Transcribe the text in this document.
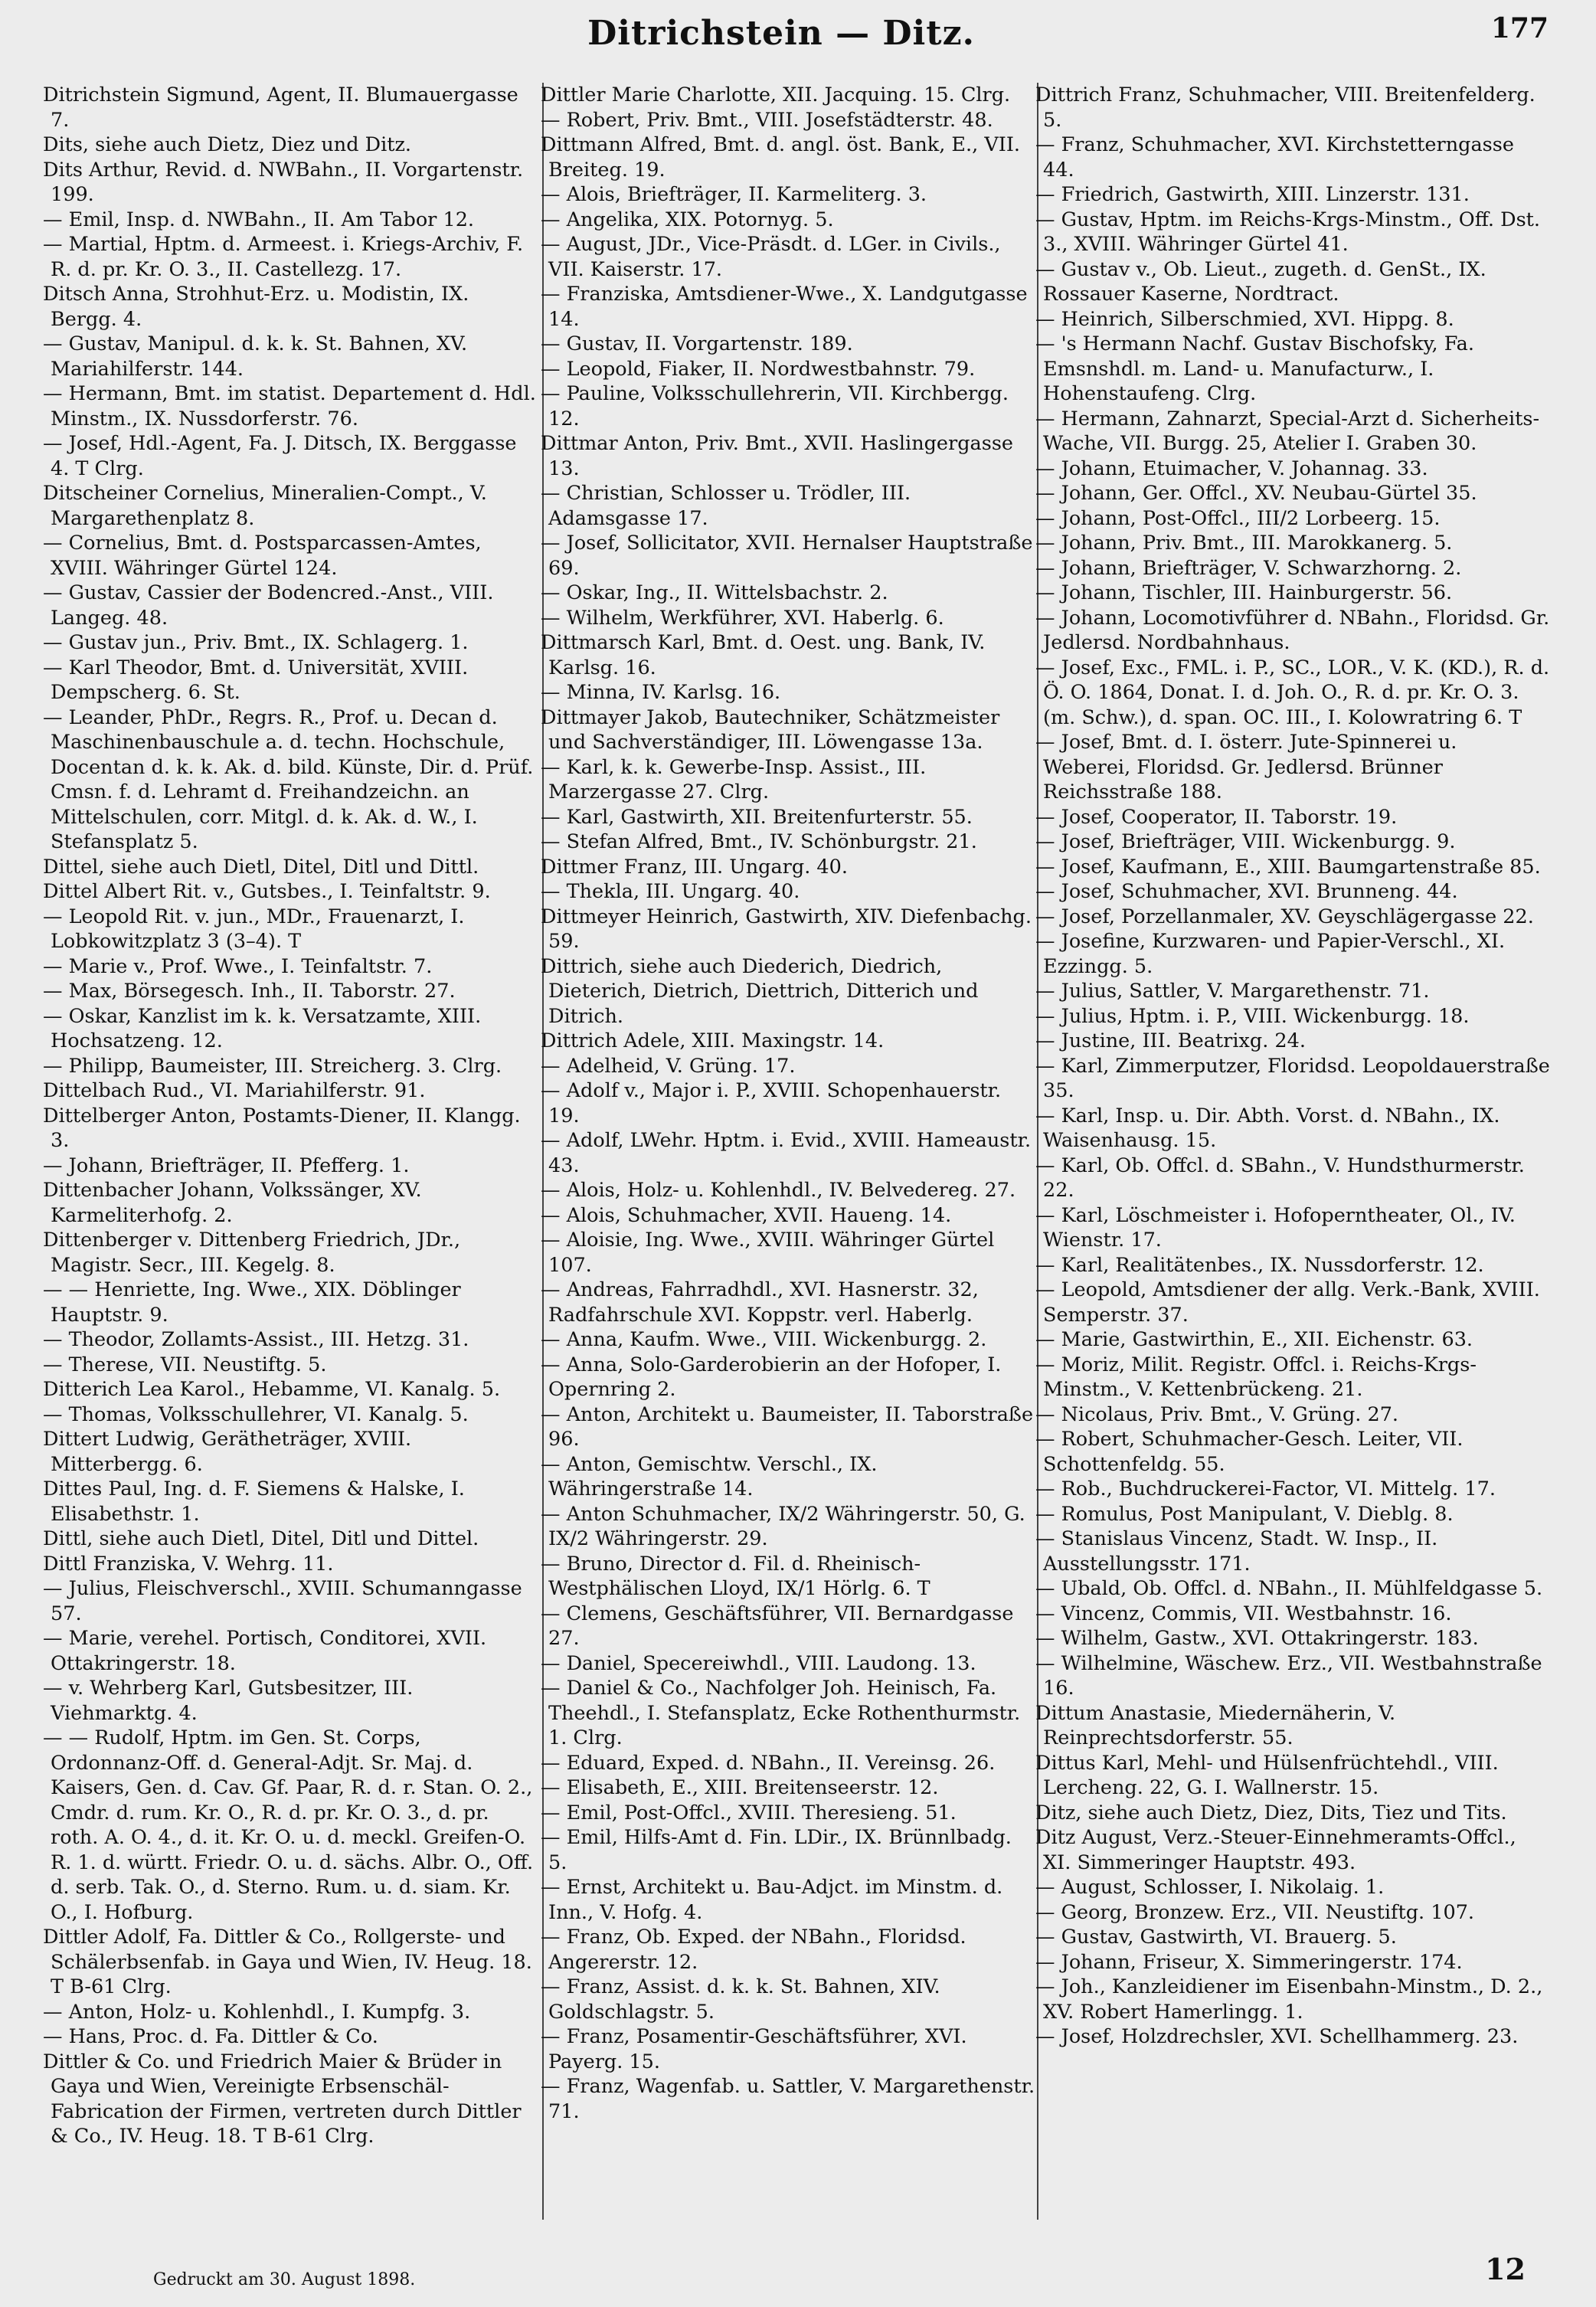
Ditrichstein — Ditz.	177

Ditrichstein Sigmund, Agent, II. Blumauergasse 7.

Dits, siehe auch Dietz, Diez und Ditz.

Dits Arthur, Revid. d. NWBahn., II. Vorgartenstr. 199.

— Emil, Insp. d. NWBahn., II. Am Tabor 12.

— Martial, Hptm. d. Armeest. i. Kriegs-Archiv, F. R. d. pr. Kr. O. 3., II. Castellezg. 17.

Ditsch Anna, Strohhut-Erz. u. Modistin, IX. Bergg. 4.

— Gustav, Manipul. d. k. k. St. Bahnen, XV. Mariahilferstr. 144.

— Hermann, Bmt. im statist. Departement d. Hdl. Minstm., IX. Nussdorferstr. 76.

— Josef, Hdl.-Agent, Fa. J. Ditsch, IX. Berggasse 4. T Clrg.

Ditscheiner Cornelius, Mineralien-Compt., V. Margarethenplatz 8.

— Cornelius, Bmt. d. Postsparcassen-Amtes, XVIII. Währinger Gürtel 124.

— Gustav, Cassier der Bodencred.-Anst., VIII. Langeg. 48.

— Gustav jun., Priv. Bmt., IX. Schlagerg. 1.

— Karl Theodor, Bmt. d. Universität, XVIII. Dempscherg. 6. St.

— Leander, PhDr., Regrs. R., Prof. u. Decan d. Maschinenbauschule a. d. techn. Hochschule, Docentan d. k. k. Ak. d. bild. Künste, Dir. d. Prüf. Cmsn. f. d. Lehramt d. Freihandzeichn. an Mittelschulen, corr. Mitgl. d. k. Ak. d. W., I. Stefansplatz 5.

Dittel, siehe auch Dietl, Ditel, Ditl und Dittl.

Dittel Albert Rit. v., Gutsbes., I. Teinfaltstr. 9.

— Leopold Rit. v. jun., MDr., Frauenarzt, I. Lobkowitzplatz 3 (3–4). T

— Marie v., Prof. Wwe., I. Teinfaltstr. 7.

— Max, Börsegesch. Inh., II. Taborstr. 27.

— Oskar, Kanzlist im k. k. Versatzamte, XIII. Hochsatzeng. 12.

— Philipp, Baumeister, III. Streicherg. 3. Clrg.

Dittelbach Rud., VI. Mariahilferstr. 91.

Dittelberger Anton, Postamts-Diener, II. Klangg. 3.

— Johann, Briefträger, II. Pfefferg. 1.

Dittenbacher Johann, Volkssänger, XV. Karmeliterhofg. 2.

Dittenberger v. Dittenberg Friedrich, JDr., Magistr. Secr., III. Kegelg. 8.

— — Henriette, Ing. Wwe., XIX. Döblinger Hauptstr. 9.

— Theodor, Zollamts-Assist., III. Hetzg. 31.

— Therese, VII. Neustiftg. 5.

Ditterich Lea Karol., Hebamme, VI. Kanalg. 5.

— Thomas, Volksschullehrer, VI. Kanalg. 5.

Dittert Ludwig, Gerätheträger, XVIII. Mitterbergg. 6.

Dittes Paul, Ing. d. F. Siemens & Halske, I. Elisabethstr. 1.

Dittl, siehe auch Dietl, Ditel, Ditl und Dittel.

Dittl Franziska, V. Wehrg. 11.

— Julius, Fleischverschl., XVIII. Schumanngasse 57.

— Marie, verehel. Portisch, Conditorei, XVII. Ottakringerstr. 18.

— v. Wehrberg Karl, Gutsbesitzer, III. Viehmarktg. 4.

— — Rudolf, Hptm. im Gen. St. Corps, Ordonnanz-Off. d. General-Adjt. Sr. Maj. d. Kaisers, Gen. d. Cav. Gf. Paar, R. d. r. Stan. O. 2., Cmdr. d. rum. Kr. O., R. d. pr. Kr. O. 3., d. pr. roth. A. O. 4., d. it. Kr. O. u. d. meckl. Greifen-O. R. 1. d. württ. Friedr. O. u. d. sächs. Albr. O., Off. d. serb. Tak. O., d. Sterno. Rum. u. d. siam. Kr. O., I. Hofburg.

Dittler Adolf, Fa. Dittler & Co., Rollgerste- und Schälerbsenfab. in Gaya und Wien, IV. Heug. 18. T B-61 Clrg.

— Anton, Holz- u. Kohlenhdl., I. Kumpfg. 3.

— Hans, Proc. d. Fa. Dittler & Co.

Dittler & Co. und Friedrich Maier & Brüder in Gaya und Wien, Vereinigte Erbsenschäl-Fabrication der Firmen, vertreten durch Dittler & Co., IV. Heug. 18. T B-61 Clrg.

Dittler Marie Charlotte, XII. Jacquing. 15. Clrg.

— Robert, Priv. Bmt., VIII. Josefstädterstr. 48.

Dittmann Alfred, Bmt. d. angl. öst. Bank, E., VII. Breiteg. 19.

— Alois, Briefträger, II. Karmeliterg. 3.

— Angelika, XIX. Potornyg. 5.

— August, JDr., Vice-Präsdt. d. LGer. in Civils., VII. Kaiserstr. 17.

— Franziska, Amtsdiener-Wwe., X. Landgutgasse 14.

— Gustav, II. Vorgartenstr. 189.

— Leopold, Fiaker, II. Nordwestbahnstr. 79.

— Pauline, Volksschullehrerin, VII. Kirchbergg. 12.

Dittmar Anton, Priv. Bmt., XVII. Haslingergasse 13.

— Christian, Schlosser u. Trödler, III. Adamsgasse 17.

— Josef, Sollicitator, XVII. Hernalser Hauptstraße 69.

— Oskar, Ing., II. Wittelsbachstr. 2.

— Wilhelm, Werkführer, XVI. Haberlg. 6.

Dittmarsch Karl, Bmt. d. Oest. ung. Bank, IV. Karlsg. 16.

— Minna, IV. Karlsg. 16.

Dittmayer Jakob, Bautechniker, Schätzmeister und Sachverständiger, III. Löwengasse 13a.

— Karl, k. k. Gewerbe-Insp. Assist., III. Marzergasse 27. Clrg.

— Karl, Gastwirth, XII. Breitenfurterstr. 55.

— Stefan Alfred, Bmt., IV. Schönburgstr. 21.

Dittmer Franz, III. Ungarg. 40.

— Thekla, III. Ungarg. 40.

Dittmeyer Heinrich, Gastwirth, XIV. Diefenbachg. 59.

Dittrich, siehe auch Diederich, Diedrich, Dieterich, Dietrich, Diettrich, Ditterich und Ditrich.

Dittrich Adele, XIII. Maxingstr. 14.

— Adelheid, V. Grüng. 17.

— Adolf v., Major i. P., XVIII. Schopenhauerstr. 19.

— Adolf, LWehr. Hptm. i. Evid., XVIII. Hameaustr. 43.

— Alois, Holz- u. Kohlenhdl., IV. Belvedereg. 27.

— Alois, Schuhmacher, XVII. Haueng. 14.

— Aloisie, Ing. Wwe., XVIII. Währinger Gürtel 107.

— Andreas, Fahrradhdl., XVI. Hasnerstr. 32, Radfahrschule XVI. Koppstr. verl. Haberlg.

— Anna, Kaufm. Wwe., VIII. Wickenburgg. 2.

— Anna, Solo-Garderobierin an der Hofoper, I. Opernring 2.

— Anton, Architekt u. Baumeister, II. Taborstraße 96.

— Anton, Gemischtw. Verschl., IX. Währingerstraße 14.

— Anton Schuhmacher, IX/2 Währingerstr. 50, G. IX/2 Währingerstr. 29.

— Bruno, Director d. Fil. d. Rheinisch-Westphälischen Lloyd, IX/1 Hörlg. 6. T

— Clemens, Geschäftsführer, VII. Bernardgasse 27.

— Daniel, Specereiwhdl., VIII. Laudong. 13.

— Daniel & Co., Nachfolger Joh. Heinisch, Fa. Theehdl., I. Stefansplatz, Ecke Rothenthurmstr. 1. Clrg.

— Eduard, Exped. d. NBahn., II. Vereinsg. 26.

— Elisabeth, E., XIII. Breitenseerstr. 12.

— Emil, Post-Offcl., XVIII. Theresieng. 51.

— Emil, Hilfs-Amt d. Fin. LDir., IX. Brünnlbadg. 5.

— Ernst, Architekt u. Bau-Adjct. im Minstm. d. Inn., V. Hofg. 4.

— Franz, Ob. Exped. der NBahn., Floridsd. Angererstr. 12.

— Franz, Assist. d. k. k. St. Bahnen, XIV. Goldschlagstr. 5.

— Franz, Posamentir-Geschäftsführer, XVI. Payerg. 15.

— Franz, Wagenfab. u. Sattler, V. Margarethenstr. 71.

Dittrich Franz, Schuhmacher, VIII. Breitenfelderg. 5.

— Franz, Schuhmacher, XVI. Kirchstetterngasse 44.

— Friedrich, Gastwirth, XIII. Linzerstr. 131.

— Gustav, Hptm. im Reichs-Krgs-Minstm., Off. Dst. 3., XVIII. Währinger Gürtel 41.

— Gustav v., Ob. Lieut., zugeth. d. GenSt., IX. Rossauer Kaserne, Nordtract.

— Heinrich, Silberschmied, XVI. Hippg. 8.

— 's Hermann Nachf. Gustav Bischofsky, Fa. Emsnshdl. m. Land- u. Manufacturw., I. Hohenstaufeng. Clrg.

— Hermann, Zahnarzt, Special-Arzt d. Sicherheits-Wache, VII. Burgg. 25, Atelier I. Graben 30.

— Johann, Etuimacher, V. Johannag. 33.

— Johann, Ger. Offcl., XV. Neubau-Gürtel 35.

— Johann, Post-Offcl., III/2 Lorbeerg. 15.

— Johann, Priv. Bmt., III. Marokkanerg. 5.

— Johann, Briefträger, V. Schwarzhorng. 2.

— Johann, Tischler, III. Hainburgerstr. 56.

— Johann, Locomotivführer d. NBahn., Floridsd. Gr. Jedlersd. Nordbahnhaus.

— Josef, Exc., FML. i. P., SC., LOR., V. K. (KD.), R. d. Ö. O. 1864, Donat. I. d. Joh. O., R. d. pr. Kr. O. 3. (m. Schw.), d. span. OC. III., I. Kolowratring 6. T

— Josef, Bmt. d. I. österr. Jute-Spinnerei u. Weberei, Floridsd. Gr. Jedlersd. Brünner Reichsstraße 188.

— Josef, Cooperator, II. Taborstr. 19.

— Josef, Briefträger, VIII. Wickenburgg. 9.

— Josef, Kaufmann, E., XIII. Baumgartenstraße 85.

— Josef, Schuhmacher, XVI. Brunneng. 44.

— Josef, Porzellanmaler, XV. Geyschlägergasse 22.

— Josefine, Kurzwaren- und Papier-Verschl., XI. Ezzingg. 5.

— Julius, Sattler, V. Margarethenstr. 71.

— Julius, Hptm. i. P., VIII. Wickenburgg. 18.

— Justine, III. Beatrixg. 24.

— Karl, Zimmerputzer, Floridsd. Leopoldauerstraße 35.

— Karl, Insp. u. Dir. Abth. Vorst. d. NBahn., IX. Waisenhausg. 15.

— Karl, Ob. Offcl. d. SBahn., V. Hundsthurmerstr. 22.

— Karl, Löschmeister i. Hofoperntheater, Ol., IV. Wienstr. 17.

— Karl, Realitätenbes., IX. Nussdorferstr. 12.

— Leopold, Amtsdiener der allg. Verk.-Bank, XVIII. Semperstr. 37.

— Marie, Gastwirthin, E., XII. Eichenstr. 63.

— Moriz, Milit. Registr. Offcl. i. Reichs-Krgs-Minstm., V. Kettenbrückeng. 21.

— Nicolaus, Priv. Bmt., V. Grüng. 27.

— Robert, Schuhmacher-Gesch. Leiter, VII. Schottenfeldg. 55.

— Rob., Buchdruckerei-Factor, VI. Mittelg. 17.

— Romulus, Post Manipulant, V. Dieblg. 8.

— Stanislaus Vincenz, Stadt. W. Insp., II. Ausstellungsstr. 171.

— Ubald, Ob. Offcl. d. NBahn., II. Mühlfeldgasse 5.

— Vincenz, Commis, VII. Westbahnstr. 16.

— Wilhelm, Gastw., XVI. Ottakringerstr. 183.

— Wilhelmine, Wäschew. Erz., VII. Westbahnstraße 16.

Dittum Anastasie, Miedernäherin, V. Reinprechtsdorferstr. 55.

Dittus Karl, Mehl- und Hülsenfrüchtehdl., VIII. Lercheng. 22, G. I. Wallnerstr. 15.

Ditz, siehe auch Dietz, Diez, Dits, Tiez und Tits.

Ditz August, Verz.-Steuer-Einnehmeramts-Offcl., XI. Simmeringer Hauptstr. 493.

— August, Schlosser, I. Nikolaig. 1.

— Georg, Bronzew. Erz., VII. Neustiftg. 107.

— Gustav, Gastwirth, VI. Brauerg. 5.

— Johann, Friseur, X. Simmeringerstr. 174.

— Joh., Kanzleidiener im Eisenbahn-Minstm., D. 2., XV. Robert Hamerlingg. 1.

— Josef, Holzdrechsler, XVI. Schellhammerg. 23.

Gedruckt am 30. August 1898.	12
